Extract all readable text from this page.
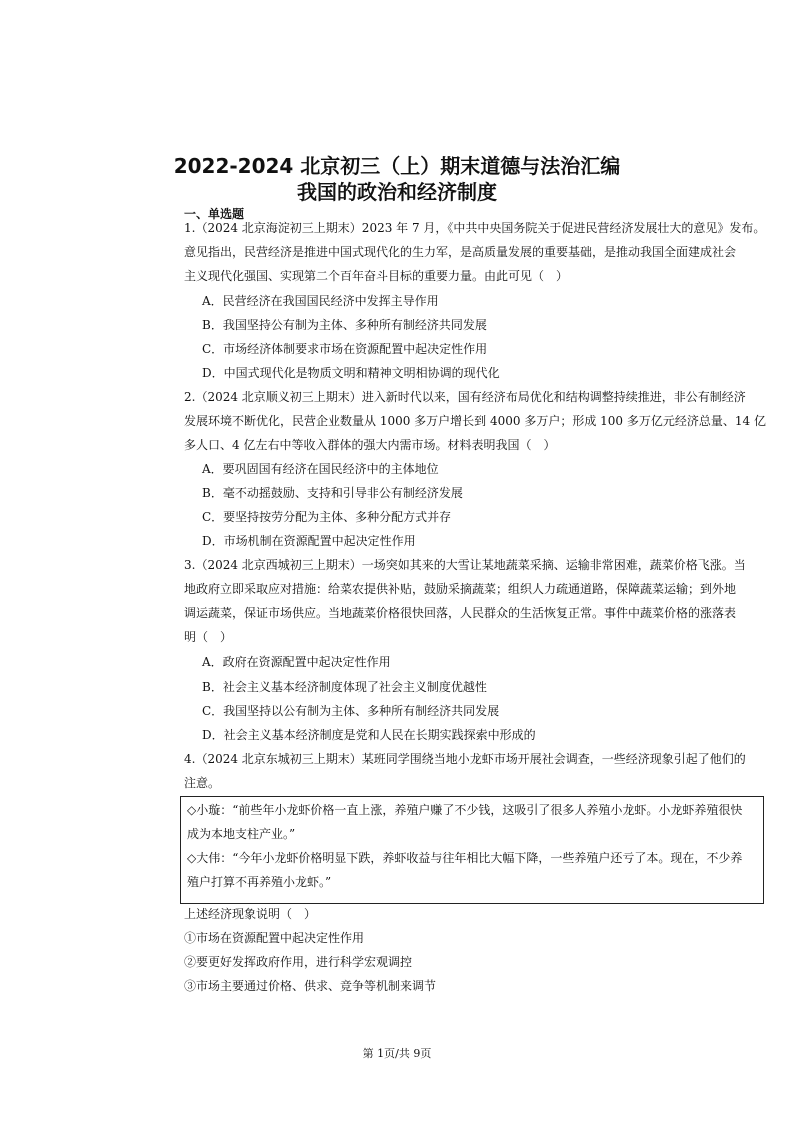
2022-2024 北京初三（上）期末道德与法治汇编
我国的政治和经济制度
一、单选题
1.（2024 北京海淀初三上期末）2023 年 7 月，《中共中央国务院关于促进民营经济发展壮大的意见》发布。
意见指出，民营经济是推进中国式现代化的生力军，是高质量发展的重要基础，是推动我国全面建成社会
主义现代化强国、实现第二个百年奋斗目标的重要力量。由此可见（　）
A．民营经济在我国国民经济中发挥主导作用
B．我国坚持公有制为主体、多种所有制经济共同发展
C．市场经济体制要求市场在资源配置中起决定性作用
D．中国式现代化是物质文明和精神文明相协调的现代化
2.（2024 北京顺义初三上期末）进入新时代以来，国有经济布局优化和结构调整持续推进，非公有制经济
发展环境不断优化，民营企业数量从 1000 多万户增长到 4000 多万户；形成 100 多万亿元经济总量、14 亿
多人口、4 亿左右中等收入群体的强大内需市场。材料表明我国（　）
A．要巩固国有经济在国民经济中的主体地位
B．毫不动摇鼓励、支持和引导非公有制经济发展
C．要坚持按劳分配为主体、多种分配方式并存
D．市场机制在资源配置中起决定性作用
3.（2024 北京西城初三上期末）一场突如其来的大雪让某地蔬菜采摘、运输非常困难，蔬菜价格飞涨。当
地政府立即采取应对措施：给菜农提供补贴，鼓励采摘蔬菜；组织人力疏通道路，保障蔬菜运输；到外地
调运蔬菜，保证市场供应。当地蔬菜价格很快回落，人民群众的生活恢复正常。事件中蔬菜价格的涨落表
明（　）
A．政府在资源配置中起决定性作用
B．社会主义基本经济制度体现了社会主义制度优越性
C．我国坚持以公有制为主体、多种所有制经济共同发展
D．社会主义基本经济制度是党和人民在长期实践探索中形成的
4.（2024 北京东城初三上期末）某班同学围绕当地小龙虾市场开展社会调查，一些经济现象引起了他们的
注意。
◇小璇：“前些年小龙虾价格一直上涨，养殖户赚了不少钱，这吸引了很多人养殖小龙虾。小龙虾养殖很快
成为本地支柱产业。”
◇大伟：“今年小龙虾价格明显下跌，养虾收益与往年相比大幅下降，一些养殖户还亏了本。现在，不少养
殖户打算不再养殖小龙虾。”
上述经济现象说明（　）
①市场在资源配置中起决定性作用
②要更好发挥政府作用，进行科学宏观调控
③市场主要通过价格、供求、竞争等机制来调节
第 1页/共 9页
